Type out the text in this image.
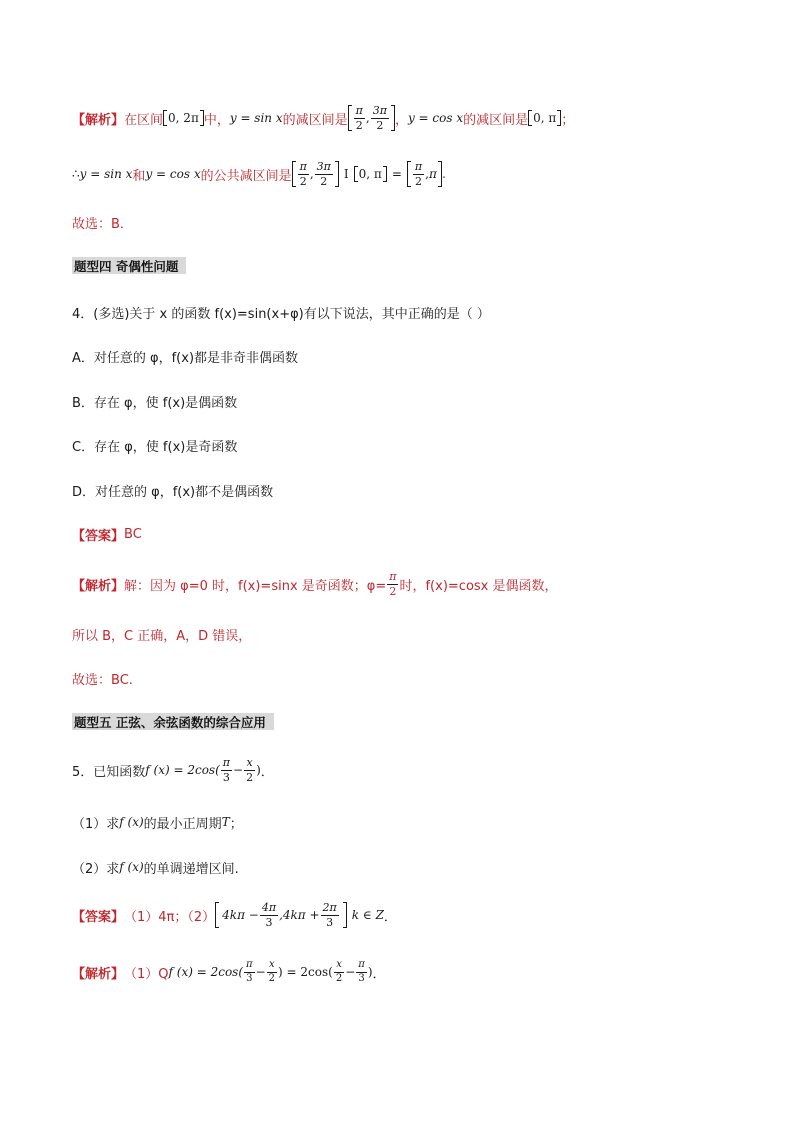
【解析】 在区间 0, 2 π 中， y = sin x 的减区间是 $\frac{\pi}{2}$ , $\frac{3\pi}{2}$ ， y = cos x 的减区间是 0, π ；
∴ y = sin x 和 y = cos x 的公共减区间是 $\frac{\pi}{2}$ , $\frac{3\pi}{2}$ I 0, $\pi = \frac{\pi}{2}$ , π .
故选：B．
题型四 奇偶性问题
4．(多选)关于 x 的函数 f(x)=sin(x+φ)有以下说法，其中正确的是（ ）
A．对任意的 φ，f(x)都是非奇非偶函数
B．存在 φ，使 f(x)是偶函数
C．存在 φ，使 f(x)是奇函数
D．对任意的 φ，f(x)都不是偶函数
【答案】 BC
【解析】 解：因为 φ=0 时，f(x)=sinx 是奇函数；$\varphi= \frac{\pi}{2}$ 时，f(x)=cosx 是偶函数，
所以 B，C 正确，A，D 错误，
故选：BC.
题型五 正弦、余弦函数的综合应用
5．已知函数 f $(x) = 2\cos( \frac{\pi}{3} - \frac{x}{2}$ ) ．
（1）求 f (x) 的最小正周期 T ；
（2）求 f (x) 的单调递增区间.
【答案】 （1）4π；（2） $4k\pi - \frac{4\pi}{3} ,4k\pi + \frac{2\pi}{3}$ k ∈ Z ．
【解析】 （1）Q f $(x) = 2\cos( \frac{\pi}{3} - \frac{x}{2}$ ) = $2\cos( \frac{x}{2} - \frac{\pi}{3}$ ) ．
